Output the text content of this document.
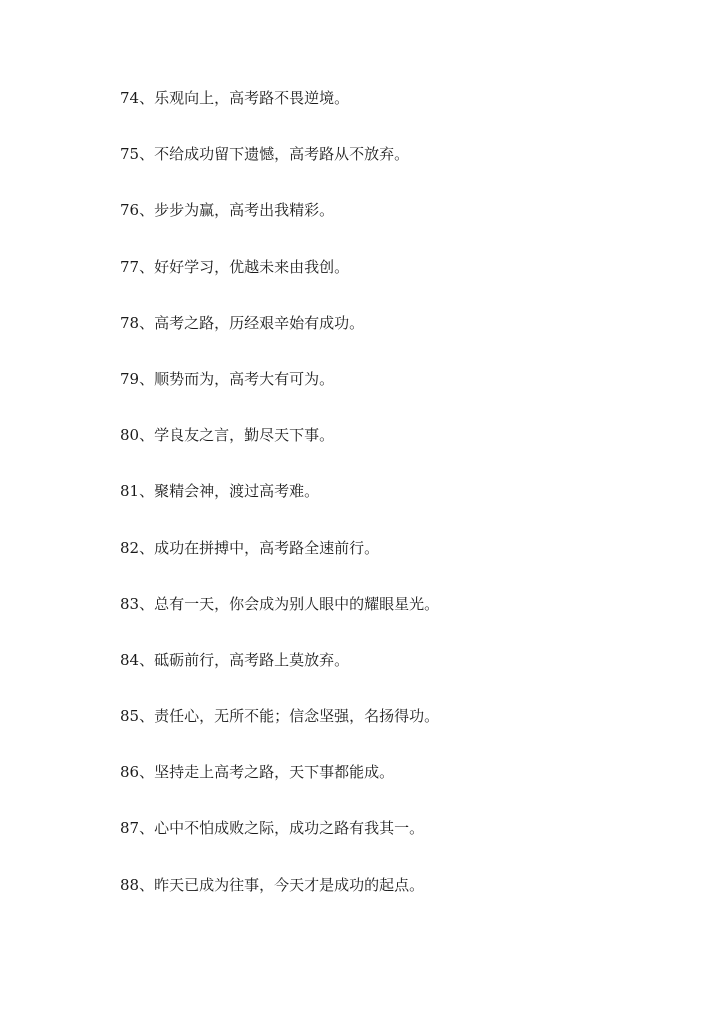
74、乐观向上，高考路不畏逆境。
75、不给成功留下遗憾，高考路从不放弃。
76、步步为赢，高考出我精彩。
77、好好学习，优越未来由我创。
78、高考之路，历经艰辛始有成功。
79、顺势而为，高考大有可为。
80、学良友之言，勤尽天下事。
81、聚精会神，渡过高考难。
82、成功在拼搏中，高考路全速前行。
83、总有一天，你会成为别人眼中的耀眼星光。
84、砥砺前行，高考路上莫放弃。
85、责任心，无所不能；信念坚强，名扬得功。
86、坚持走上高考之路，天下事都能成。
87、心中不怕成败之际，成功之路有我其一。
88、昨天已成为往事，今天才是成功的起点。
